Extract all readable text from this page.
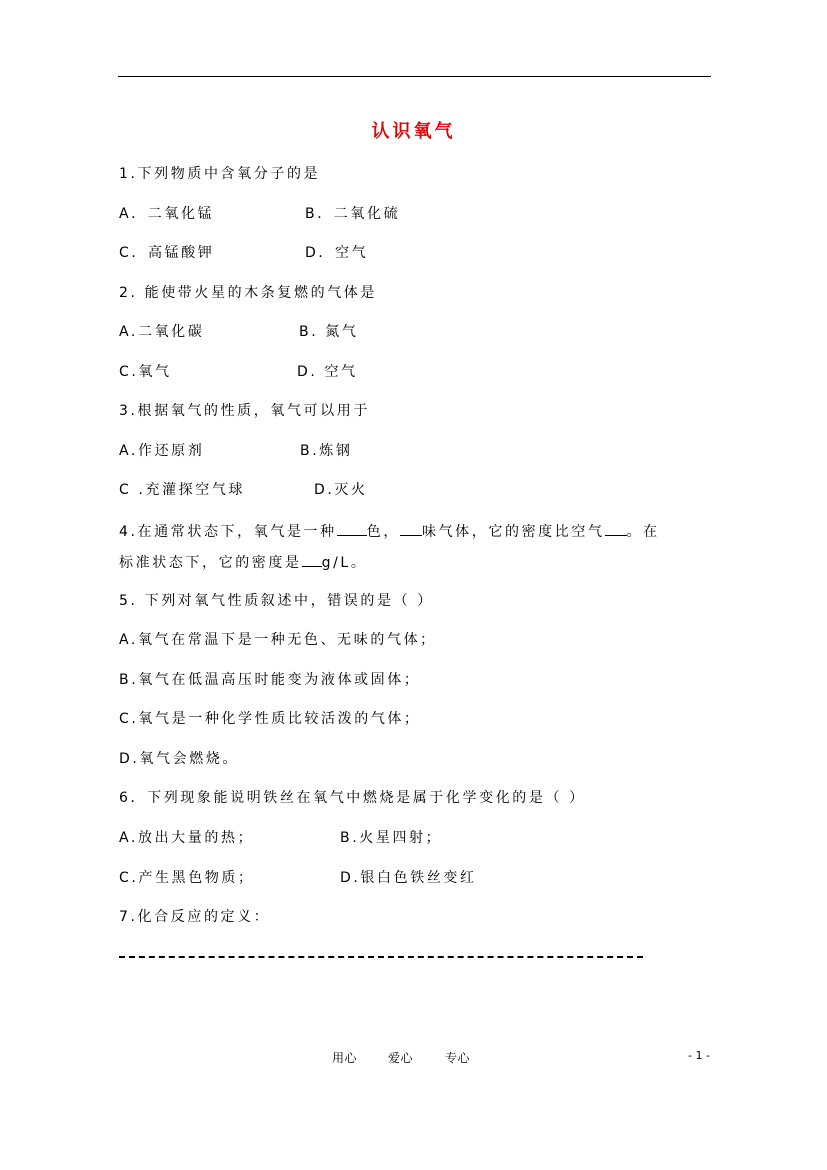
认识氧气
1.下列物质中含氧分子的是
A．二氧化锰	B．二氧化硫
C．高锰酸钾	D．空气
2. 能使带火星的木条复燃的气体是
A.二氧化碳	B. 氮气
C.氧气	D. 空气
3.根据氧气的性质，氧气可以用于
A.作还原剂	B.炼钢
C .充灌探空气球	D.灭火
4.在通常状态下，氧气是一种 色， 味气体，它的密度比空气 。在
标准状态下，它的密度是 g/L。
5. 下列对氧气性质叙述中，错误的是（ ）
A.氧气在常温下是一种无色、无味的气体；
B.氧气在低温高压时能变为液体或固体；
C.氧气是一种化学性质比较活泼的气体；
D.氧气会燃烧。
6．下列现象能说明铁丝在氧气中燃烧是属于化学变化的是（ ）
A.放出大量的热；	B.火星四射；
C.产生黑色物质；	D.银白色铁丝变红
7.化合反应的定义：
用心	爱心	专心	- 1 -
